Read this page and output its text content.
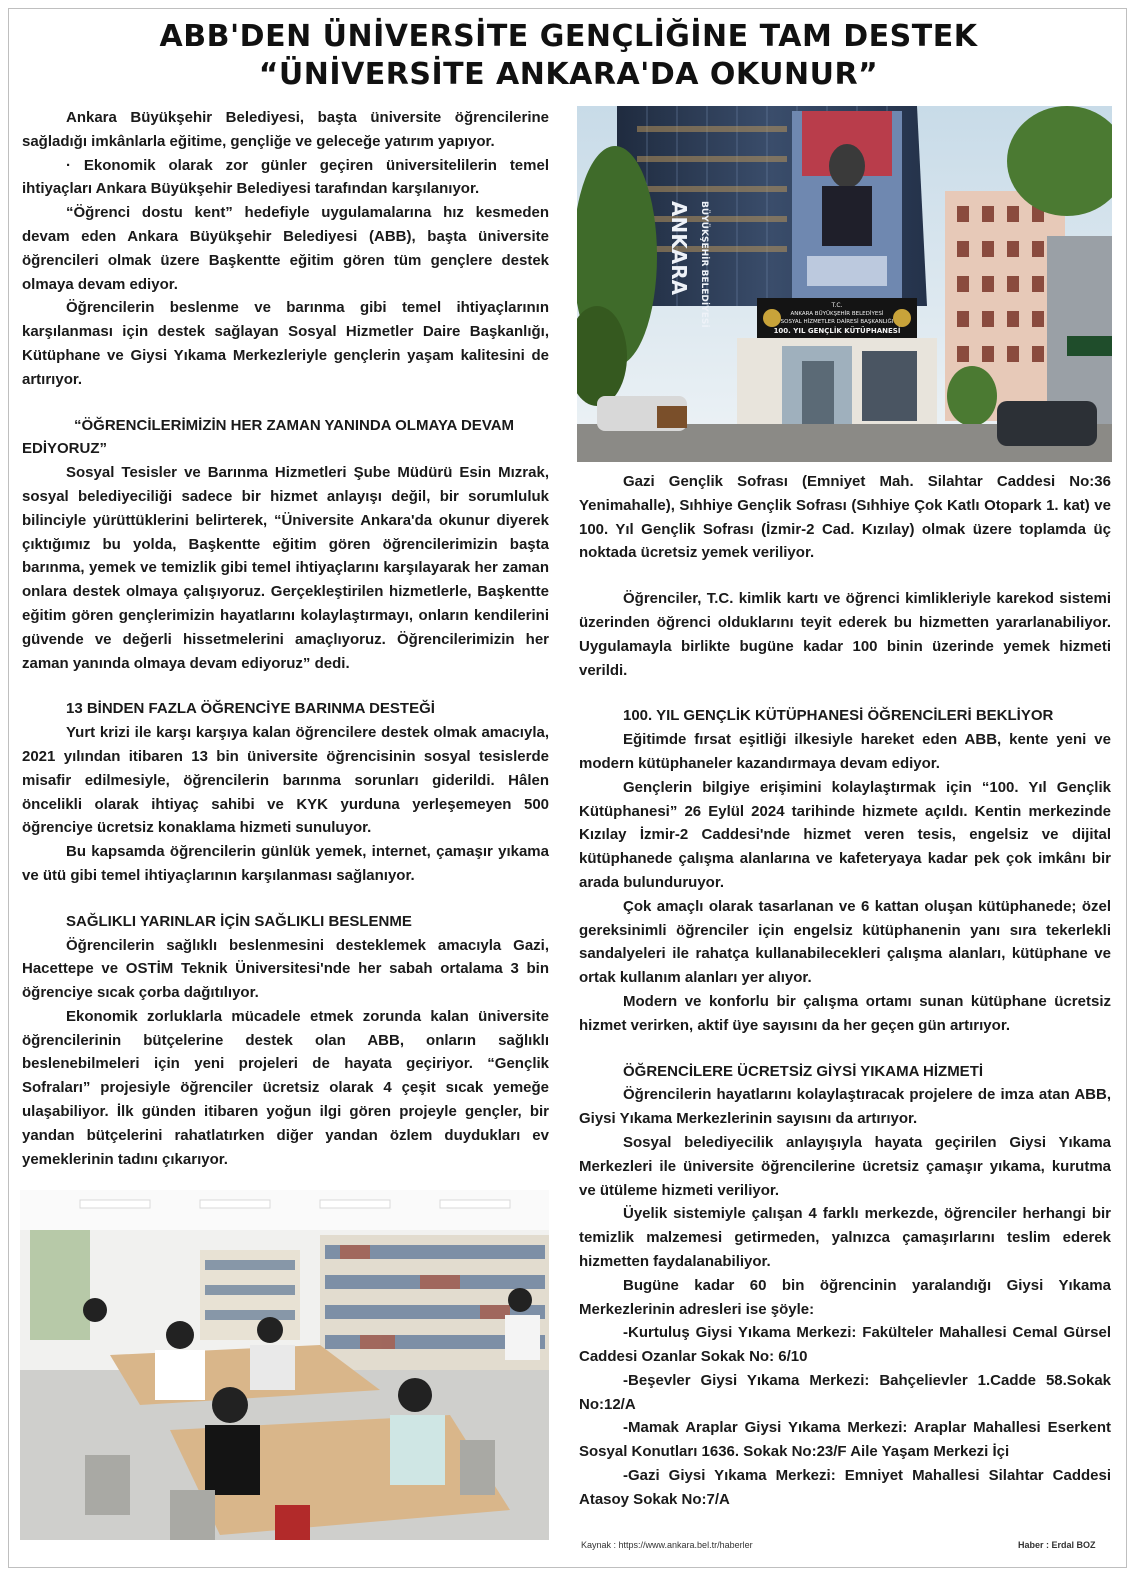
ABB'DEN ÜNİVERSİTE GENÇLİĞİNE TAM DESTEK
“ÜNİVERSİTE ANKARA'DA OKUNUR”

Ankara Büyükşehir Belediyesi, başta üniversite öğrencilerine sağladığı imkânlarla eğitime, gençliğe ve geleceğe yatırım yapıyor.

· Ekonomik olarak zor günler geçiren üniversitelilerin temel ihtiyaçları Ankara Büyükşehir Belediyesi tarafından karşılanıyor.

“Öğrenci dostu kent” hedefiyle uygulamalarına hız kesmeden devam eden Ankara Büyükşehir Belediyesi (ABB), başta üniversite öğrencileri olmak üzere Başkentte eğitim gören tüm gençlere destek olmaya devam ediyor.

Öğrencilerin beslenme ve barınma gibi temel ihtiyaçlarının karşılanması için destek sağlayan Sosyal Hizmetler Daire Başkanlığı, Kütüphane ve Giysi Yıkama Merkezleriyle gençlerin yaşam kalitesini de artırıyor.

“ÖĞRENCİLERİMİZİN HER ZAMAN YANINDA OLMAYA DEVAM EDİYORUZ”

Sosyal Tesisler ve Barınma Hizmetleri Şube Müdürü Esin Mızrak, sosyal belediyeciliği sadece bir hizmet anlayışı değil, bir sorumluluk bilinciyle yürüttüklerini belirterek, “Üniversite Ankara'da okunur diyerek çıktığımız bu yolda, Başkentte eğitim gören öğrencilerimizin başta barınma, yemek ve temizlik gibi temel ihtiyaçlarını karşılayarak her zaman onlara destek olmaya çalışıyoruz. Gerçekleştirilen hizmetlerle, Başkentte eğitim gören gençlerimizin hayatlarını kolaylaştırmayı, onların kendilerini güvende ve değerli hissetmelerini amaçlıyoruz. Öğrencilerimizin her zaman yanında olmaya devam ediyoruz” dedi.

13 BİNDEN FAZLA ÖĞRENCİYE BARINMA DESTEĞİ

Yurt krizi ile karşı karşıya kalan öğrencilere destek olmak amacıyla, 2021 yılından itibaren 13 bin üniversite öğrencisinin sosyal tesislerde misafir edilmesiyle, öğrencilerin barınma sorunları giderildi. Hâlen öncelikli olarak ihtiyaç sahibi ve KYK yurduna yerleşemeyen 500 öğrenciye ücretsiz konaklama hizmeti sunuluyor.

Bu kapsamda öğrencilerin günlük yemek, internet, çamaşır yıkama ve ütü gibi temel ihtiyaçlarının karşılanması sağlanıyor.

SAĞLIKLI YARINLAR İÇİN SAĞLIKLI BESLENME

Öğrencilerin sağlıklı beslenmesini desteklemek amacıyla Gazi, Hacettepe ve OSTİM Teknik Üniversitesi'nde her sabah ortalama 3 bin öğrenciye sıcak çorba dağıtılıyor.

Ekonomik zorluklarla mücadele etmek zorunda kalan üniversite öğrencilerinin bütçelerine destek olan ABB, onların sağlıklı beslenebilmeleri için yeni projeleri de hayata geçiriyor. “Gençlik Sofraları” projesiyle öğrenciler ücretsiz olarak 4 çeşit sıcak yemeğe ulaşabiliyor. İlk günden itibaren yoğun ilgi gören projeyle gençler, bir yandan bütçelerini rahatlatırken diğer yandan özlem duydukları ev yemeklerinin tadını çıkarıyor.

ANKARA BÜYÜKŞEHİR BELEDİYESİ	T.C.
ANKARA BÜYÜKŞEHİR BELEDİYESİ
SOSYAL HİZMETLER DAİRESİ BAŞKANLIĞI
100. YIL GENÇLİK KÜTÜPHANESİ

Gazi Gençlik Sofrası (Emniyet Mah. Silahtar Caddesi No:36 Yenimahalle), Sıhhiye Gençlik Sofrası (Sıhhiye Çok Katlı Otopark 1. kat) ve 100. Yıl Gençlik Sofrası (İzmir-2 Cad. Kızılay) olmak üzere toplamda üç noktada ücretsiz yemek veriliyor.

Öğrenciler, T.C. kimlik kartı ve öğrenci kimlikleriyle karekod sistemi üzerinden öğrenci olduklarını teyit ederek bu hizmetten yararlanabiliyor. Uygulamayla birlikte bugüne kadar 100 binin üzerinde yemek hizmeti verildi.

100. YIL GENÇLİK KÜTÜPHANESİ ÖĞRENCİLERİ BEKLİYOR

Eğitimde fırsat eşitliği ilkesiyle hareket eden ABB, kente yeni ve modern kütüphaneler kazandırmaya devam ediyor.

Gençlerin bilgiye erişimini kolaylaştırmak için “100. Yıl Gençlik Kütüphanesi” 26 Eylül 2024 tarihinde hizmete açıldı. Kentin merkezinde Kızılay İzmir-2 Caddesi'nde hizmet veren tesis, engelsiz ve dijital kütüphanede çalışma alanlarına ve kafeteryaya kadar pek çok imkânı bir arada bulunduruyor.

Çok amaçlı olarak tasarlanan ve 6 kattan oluşan kütüphanede; özel gereksinimli öğrenciler için engelsiz kütüphanenin yanı sıra tekerlekli sandalyeleri ile rahatça kullanabilecekleri çalışma alanları, kütüphane ve ortak kullanım alanları yer alıyor.

Modern ve konforlu bir çalışma ortamı sunan kütüphane ücretsiz hizmet verirken, aktif üye sayısını da her geçen gün artırıyor.

ÖĞRENCİLERE ÜCRETSİZ GİYSİ YIKAMA HİZMETİ

Öğrencilerin hayatlarını kolaylaştıracak projelere de imza atan ABB, Giysi Yıkama Merkezlerinin sayısını da artırıyor.

Sosyal belediyecilik anlayışıyla hayata geçirilen Giysi Yıkama Merkezleri ile üniversite öğrencilerine ücretsiz çamaşır yıkama, kurutma ve ütüleme hizmeti veriliyor.

Üyelik sistemiyle çalışan 4 farklı merkezde, öğrenciler herhangi bir temizlik malzemesi getirmeden, yalnızca çamaşırlarını teslim ederek hizmetten faydalanabiliyor.

Bugüne kadar 60 bin öğrencinin yaralandığı Giysi Yıkama Merkezlerinin adresleri ise şöyle:

-Kurtuluş Giysi Yıkama Merkezi: Fakülteler Mahallesi Cemal Gürsel Caddesi Ozanlar Sokak No: 6/10

-Beşevler Giysi Yıkama Merkezi: Bahçelievler 1.Cadde 58.Sokak No:12/A

-Mamak Araplar Giysi Yıkama Merkezi: Araplar Mahallesi Eserkent Sosyal Konutları 1636. Sokak No:23/F Aile Yaşam Merkezi İçi

-Gazi Giysi Yıkama Merkezi: Emniyet Mahallesi Silahtar Caddesi Atasoy Sokak No:7/A

Kaynak : https://www.ankara.bel.tr/haberler	Haber : Erdal BOZ
